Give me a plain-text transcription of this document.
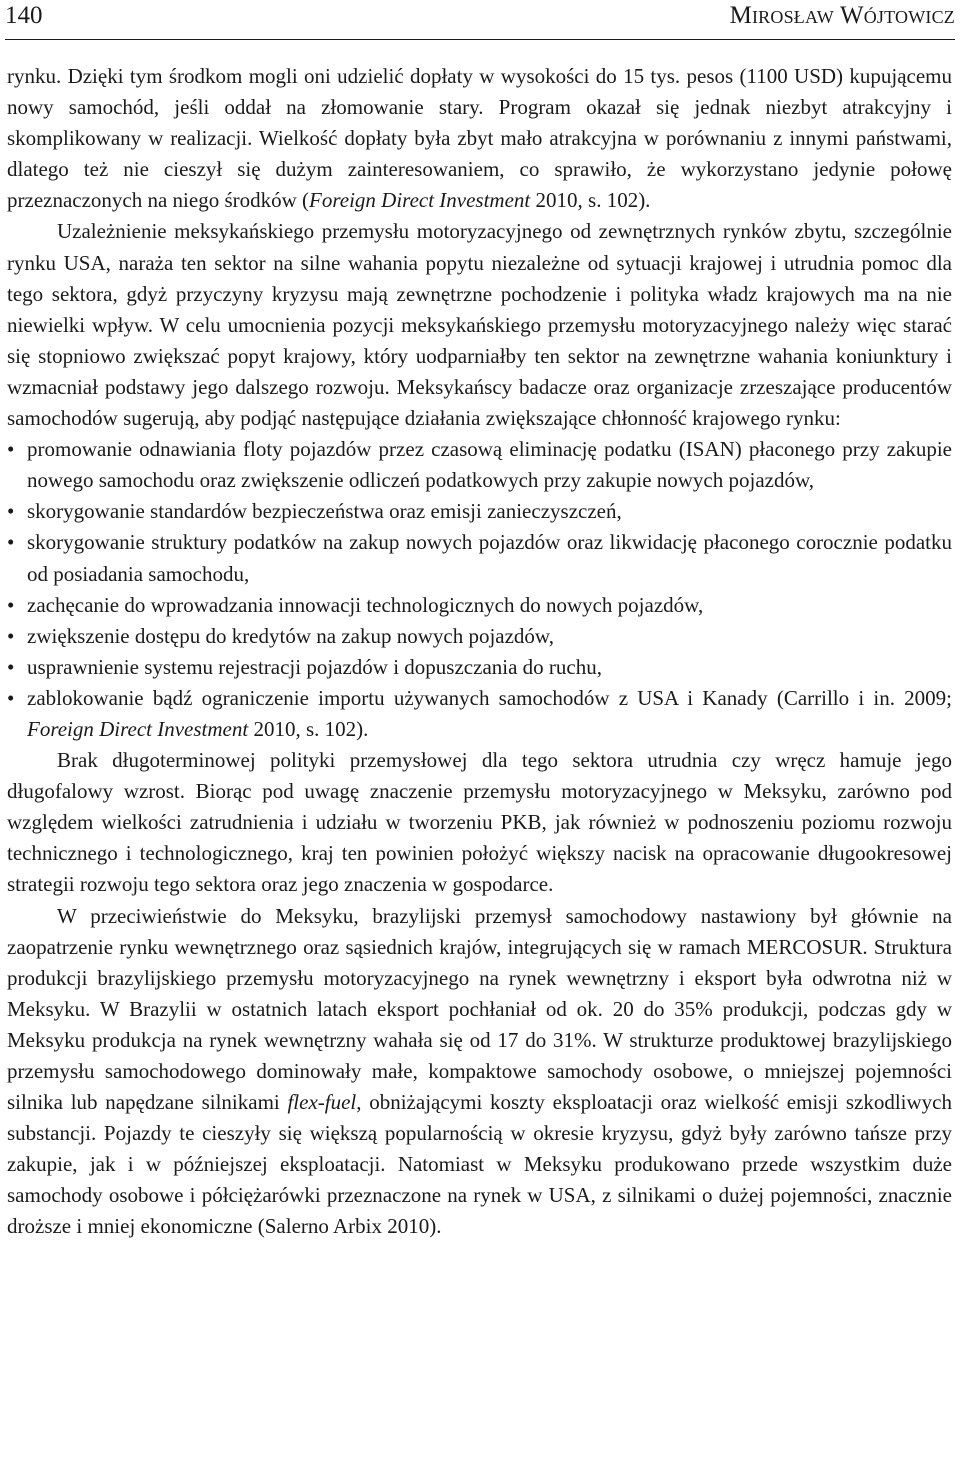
140	Mirosław Wójtowicz

rynku. Dzięki tym środkom mogli oni udzielić dopłaty w wysokości do 15 tys. pesos (1100 USD) kupującemu nowy samochód, jeśli oddał na złomowanie stary. Program okazał się jednak niezbyt atrakcyjny i skomplikowany w realizacji. Wielkość dopłaty była zbyt mało atrakcyjna w porównaniu z innymi państwami, dlatego też nie cieszył się dużym zainteresowaniem, co sprawiło, że wykorzystano jedynie połowę przeznaczonych na niego środków (Foreign Direct Investment 2010, s. 102).

Uzależnienie meksykańskiego przemysłu motoryzacyjnego od zewnętrznych rynków zbytu, szczególnie rynku USA, naraża ten sektor na silne wahania popytu niezależne od sytuacji krajowej i utrudnia pomoc dla tego sektora, gdyż przyczyny kryzysu mają zewnętrzne pochodzenie i polityka władz krajowych ma na nie niewielki wpływ. W celu umocnienia pozycji meksykańskiego przemysłu motoryzacyjnego należy więc starać się stopniowo zwiększać popyt krajowy, który uodparniałby ten sektor na zewnętrzne wahania koniunktury i wzmacniał podstawy jego dalszego rozwoju. Meksykańscy badacze oraz organizacje zrzeszające producentów samochodów sugerują, aby podjąć następujące działania zwiększające chłonność krajowego rynku:

• promowanie odnawiania floty pojazdów przez czasową eliminację podatku (ISAN) płaconego przy zakupie nowego samochodu oraz zwiększenie odliczeń podatkowych przy zakupie nowych pojazdów,
• skorygowanie standardów bezpieczeństwa oraz emisji zanieczyszczeń,
• skorygowanie struktury podatków na zakup nowych pojazdów oraz likwidację płaconego corocznie podatku od posiadania samochodu,
• zachęcanie do wprowadzania innowacji technologicznych do nowych pojazdów,
• zwiększenie dostępu do kredytów na zakup nowych pojazdów,
• usprawnienie systemu rejestracji pojazdów i dopuszczania do ruchu,
• zablokowanie bądź ograniczenie importu używanych samochodów z USA i Kanady (Carrillo i in. 2009; Foreign Direct Investment 2010, s. 102).

Brak długoterminowej polityki przemysłowej dla tego sektora utrudnia czy wręcz hamuje jego długofalowy wzrost. Biorąc pod uwagę znaczenie przemysłu motoryzacyjnego w Meksyku, zarówno pod względem wielkości zatrudnienia i udziału w tworzeniu PKB, jak również w podnoszeniu poziomu rozwoju technicznego i technologicznego, kraj ten powinien położyć większy nacisk na opracowanie długookresowej strategii rozwoju tego sektora oraz jego znaczenia w gospodarce.

W przeciwieństwie do Meksyku, brazylijski przemysł samochodowy nastawiony był głównie na zaopatrzenie rynku wewnętrznego oraz sąsiednich krajów, integrujących się w ramach MERCOSUR. Struktura produkcji brazylijskiego przemysłu motoryzacyjnego na rynek wewnętrzny i eksport była odwrotna niż w Meksyku. W Brazylii w ostatnich latach eksport pochłaniał od ok. 20 do 35% produkcji, podczas gdy w Meksyku produkcja na rynek wewnętrzny wahała się od 17 do 31%. W strukturze produktowej brazylijskiego przemysłu samochodowego dominowały małe, kompaktowe samochody osobowe, o mniejszej pojemności silnika lub napędzane silnikami flex-fuel, obniżającymi koszty eksploatacji oraz wielkość emisji szkodliwych substancji. Pojazdy te cieszyły się większą popularnością w okresie kryzysu, gdyż były zarówno tańsze przy zakupie, jak i w późniejszej eksploatacji. Natomiast w Meksyku produkowano przede wszystkim duże samochody osobowe i półciężarówki przeznaczone na rynek w USA, z silnikami o dużej pojemności, znacznie droższe i mniej ekonomiczne (Salerno Arbix 2010).
